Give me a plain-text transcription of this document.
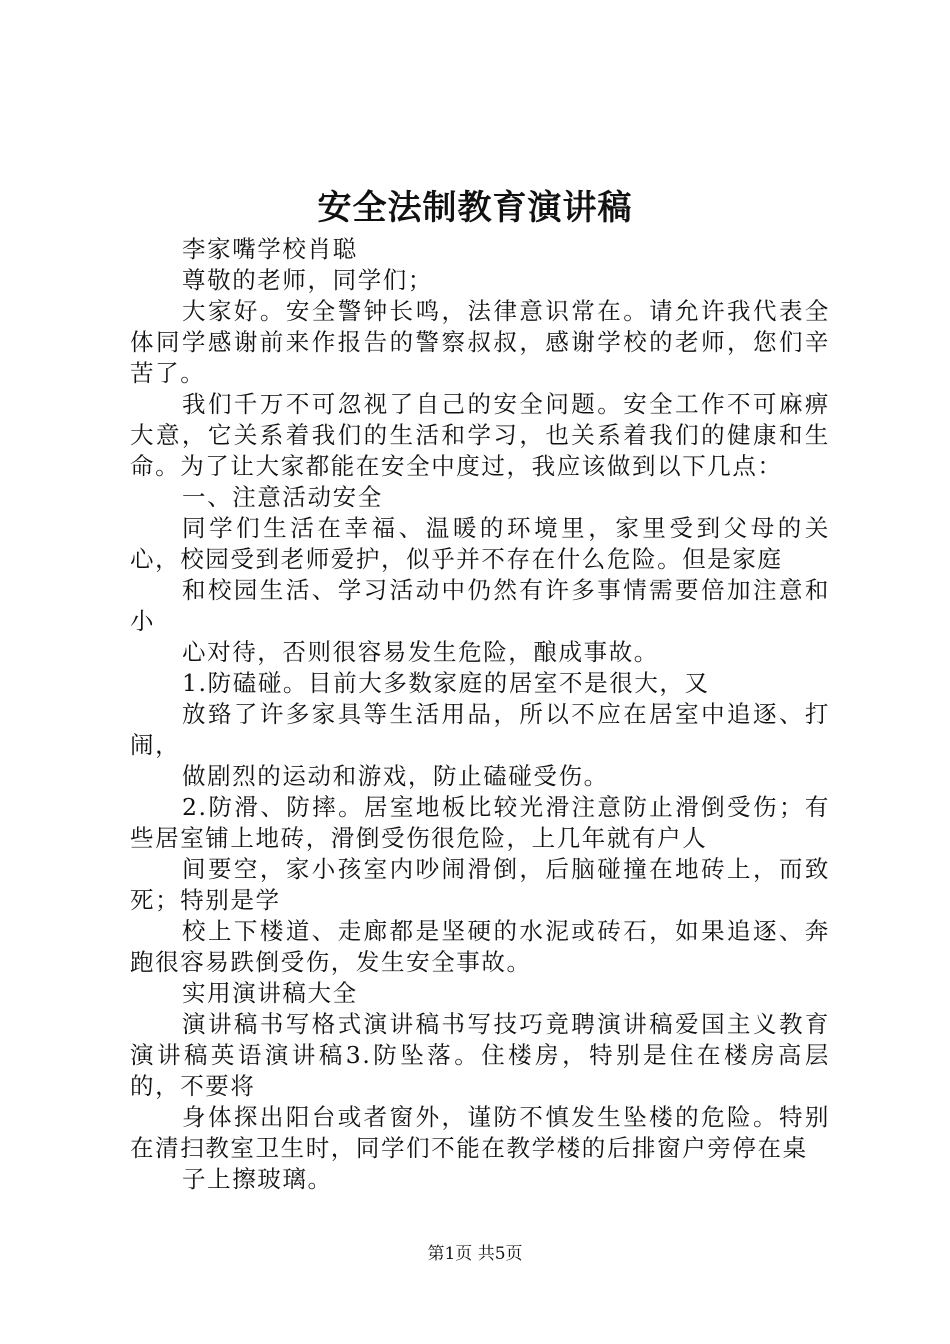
安全法制教育演讲稿

李家嘴学校肖聪

尊敬的老师，同学们；

大家好。安全警钟长鸣，法律意识常在。请允许我代表全体同学感谢前来作报告的警察叔叔，感谢学校的老师，您们辛苦了。

我们千万不可忽视了自己的安全问题。安全工作不可麻痹大意，它关系着我们的生活和学习，也关系着我们的健康和生命。为了让大家都能在安全中度过，我应该做到以下几点：

一、注意活动安全

同学们生活在幸福、温暖的环境里，家里受到父母的关心，校园受到老师爱护，似乎并不存在什么危险。但是家庭

和校园生活、学习活动中仍然有许多事情需要倍加注意和小

心对待，否则很容易发生危险，酿成事故。

1.防磕碰。目前大多数家庭的居室不是很大，又

放臵了许多家具等生活用品，所以不应在居室中追逐、打闹，

做剧烈的运动和游戏，防止磕碰受伤。

2.防滑、防摔。居室地板比较光滑注意防止滑倒受伤；有些居室铺上地砖，滑倒受伤很危险，上几年就有户人

间要空，家小孩室内吵闹滑倒，后脑碰撞在地砖上，而致死；特别是学

校上下楼道、走廊都是坚硬的水泥或砖石，如果追逐、奔跑很容易跌倒受伤，发生安全事故。

实用演讲稿大全

演讲稿书写格式演讲稿书写技巧竟聘演讲稿爱国主义教育演讲稿英语演讲稿3.防坠落。住楼房，特别是住在楼房高层的，不要将

身体探出阳台或者窗外，谨防不慎发生坠楼的危险。特别在清扫教室卫生时，同学们不能在教学楼的后排窗户旁停在桌

子上擦玻璃。

第1页 共5页
